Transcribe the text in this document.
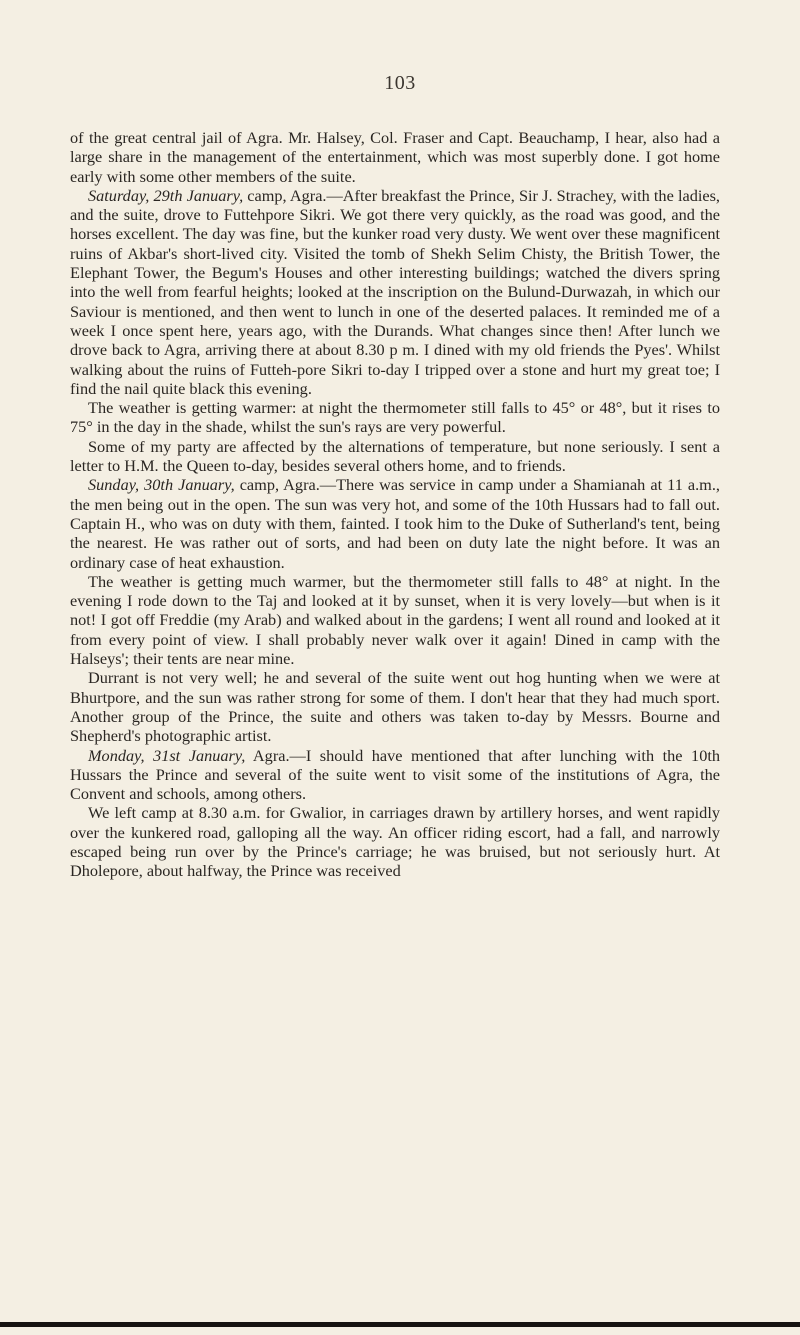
103

of the great central jail of Agra. Mr. Halsey, Col. Fraser and Capt. Beauchamp, I hear, also had a large share in the management of the entertainment, which was most superbly done. I got home early with some other members of the suite.

Saturday, 29th January, camp, Agra.—After breakfast the Prince, Sir J. Strachey, with the ladies, and the suite, drove to Futtehpore Sikri. We got there very quickly, as the road was good, and the horses excellent. The day was fine, but the kunker road very dusty. We went over these magnificent ruins of Akbar's short-lived city. Visited the tomb of Shekh Selim Chisty, the British Tower, the Elephant Tower, the Begum's Houses and other interesting buildings; watched the divers spring into the well from fearful heights; looked at the inscription on the Bulund-Durwazah, in which our Saviour is mentioned, and then went to lunch in one of the deserted palaces. It reminded me of a week I once spent here, years ago, with the Durands. What changes since then! After lunch we drove back to Agra, arriving there at about 8.30 p m. I dined with my old friends the Pyes'. Whilst walking about the ruins of Futteh-pore Sikri to-day I tripped over a stone and hurt my great toe; I find the nail quite black this evening.

The weather is getting warmer: at night the thermometer still falls to 45° or 48°, but it rises to 75° in the day in the shade, whilst the sun's rays are very powerful.

Some of my party are affected by the alternations of temperature, but none seriously. I sent a letter to H.M. the Queen to-day, besides several others home, and to friends.

Sunday, 30th January, camp, Agra.—There was service in camp under a Shamianah at 11 a.m., the men being out in the open. The sun was very hot, and some of the 10th Hussars had to fall out. Captain H., who was on duty with them, fainted. I took him to the Duke of Sutherland's tent, being the nearest. He was rather out of sorts, and had been on duty late the night before. It was an ordinary case of heat exhaustion.

The weather is getting much warmer, but the thermometer still falls to 48° at night. In the evening I rode down to the Taj and looked at it by sunset, when it is very lovely—but when is it not! I got off Freddie (my Arab) and walked about in the gardens; I went all round and looked at it from every point of view. I shall probably never walk over it again! Dined in camp with the Halseys'; their tents are near mine.

Durrant is not very well; he and several of the suite went out hog hunting when we were at Bhurtpore, and the sun was rather strong for some of them. I don't hear that they had much sport. Another group of the Prince, the suite and others was taken to-day by Messrs. Bourne and Shepherd's photographic artist.

Monday, 31st January, Agra.—I should have mentioned that after lunching with the 10th Hussars the Prince and several of the suite went to visit some of the institutions of Agra, the Convent and schools, among others.

We left camp at 8.30 a.m. for Gwalior, in carriages drawn by artillery horses, and went rapidly over the kunkered road, galloping all the way. An officer riding escort, had a fall, and narrowly escaped being run over by the Prince's carriage; he was bruised, but not seriously hurt. At Dholepore, about halfway, the Prince was received
